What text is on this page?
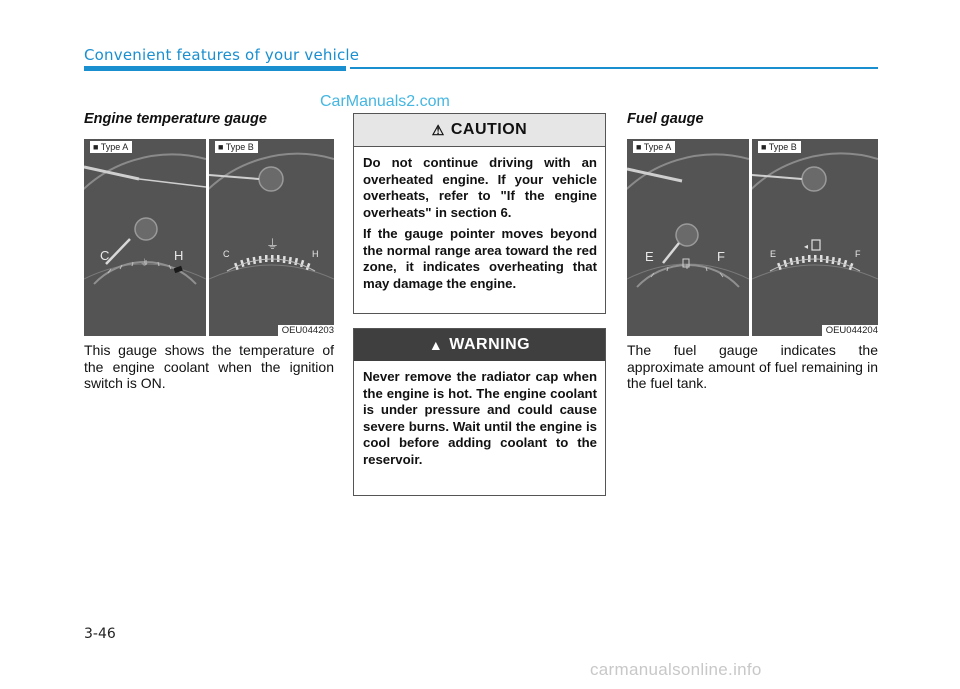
Convenient features of your vehicle
CarManuals2.com
Engine temperature gauge
C	H
⏚
■ Type A
⏚
C	H
■ Type B
OEU044203
This gauge shows the temperature of the engine coolant when the ignition switch is ON.
⚠ CAUTION

Do not continue driving with an overheated engine. If your vehicle overheats, refer to "If the engine overheats" in section 6.

If the gauge pointer moves beyond the normal range area toward the red zone, it indicates overheating that may damage the engine.

▲ WARNING

Never remove the radiator cap when the engine is hot. The engine coolant is under pressure and could cause severe burns. Wait until the engine is cool before adding coolant to the reservoir.

Fuel gauge
E	F
■ Type A
◂
E	F
■ Type B
OEU044204
The fuel gauge indicates the approximate amount of fuel remaining in the fuel tank.
3-46
carmanualsonline.info
